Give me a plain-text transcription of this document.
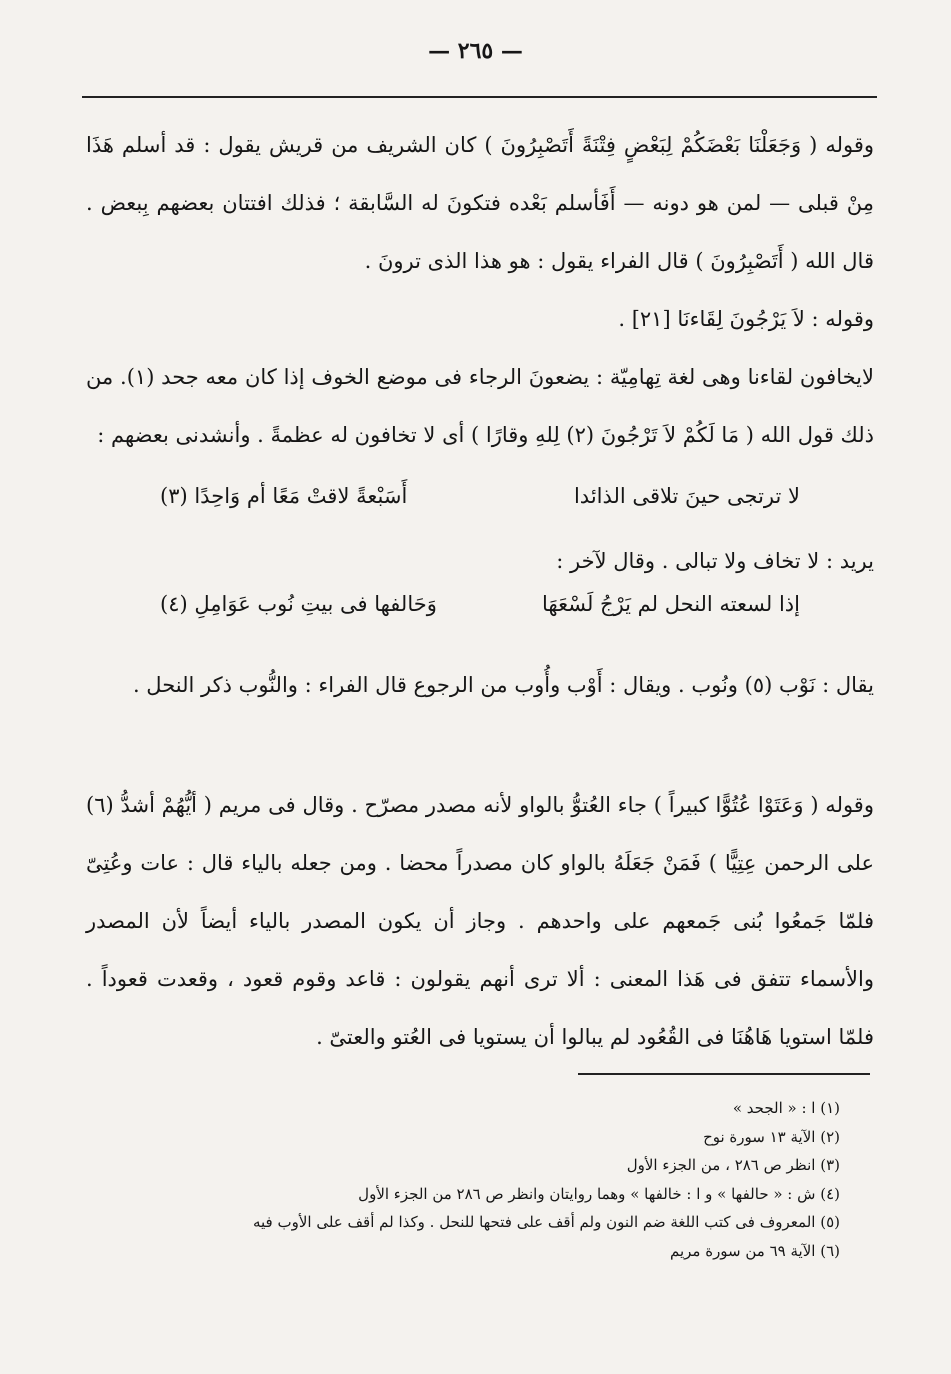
— ٢٦٥ —
وقوله ( وَجَعَلْنَا بَعْضَكُمْ لِبَعْضٍ فِتْنَةً أَتَصْبِرُونَ ) كان الشريف من قريش يقول : قد أسلم هَذَا مِنْ قبلى — لمن هو دونه — أَفَأسلم بَعْده فتكونَ له السَّابقة ؛ فذلك افتتان بعضهم بِبعض . قال الله ( أَتَصْبِرُونَ ) قال الفراء يقول : هو هذا الذى ترونَ .
وقوله : لاَ يَرْجُونَ لِقَاءنَا [٢١] .
لايخافون لقاءنا وهى لغة تِهامِيّة : يضعونَ الرجاء فى موضع الخوف إذا كان معه جحد (١). من ذلك قول الله ( مَا لَكُمْ لاَ تَرْجُونَ (٢) لِلهِ وقارًا ) أى لا تخافون له عظمةً . وأنشدنى بعضهم :
لا ترتجى حينَ تلاقى الذائدا
أَسَبْعةً لاقتْ مَعًا أم وَاحِدًا (٣)
يريد : لا تخاف ولا تبالى . وقال لآخر :
إذا لسعته النحل لم يَرْجُ لَسْعَهَا
وَحَالفها فى بيتِ نُوب عَوَامِلِ (٤)
يقال : نَوْب (٥) ونُوب . ويقال : أَوْب وأُوب من الرجوع قال الفراء : والنُّوب ذكر النحل .
وقوله ( وَعَتَوْا عُتُوًّا كبيراً ) جاء العُتوُّ بالواو لأنه مصدر مصرّح . وقال فى مريم ( أيُّهُمْ أشدُّ (٦) على الرحمن عِتِيًّا ) فَمَنْ جَعَلَهُ بالواو كان مصدراً محضا . ومن جعله بالياء قال : عات وعُتِىّ فلمّا جَمعُوا بُنى جَمعهم على واحدهم . وجاز أن يكون المصدر بالياء أيضاً لأن المصدر والأسماء تتفق فى هَذا المعنى : ألا ترى أنهم يقولون : قاعد وقوم قعود ، وقعدت قعوداً . فلمّا استويا هَاهُنَا فى القُعُود لم يبالوا أن يستويا فى العُتو والعتىّ .
(١) ا : « الجحد »
(٢) الآية ١٣ سورة نوح
(٣) انظر ص ٢٨٦ ، من الجزء الأول
(٤) ش : « حالفها » و ا : خالفها » وهما روايتان وانظر ص ٢٨٦ من الجزء الأول
(٥) المعروف فى كتب اللغة ضم النون ولم أقف على فتحها للنحل . وكذا لم أقف على الأوب فيه
(٦) الآية ٦٩ من سورة مريم
